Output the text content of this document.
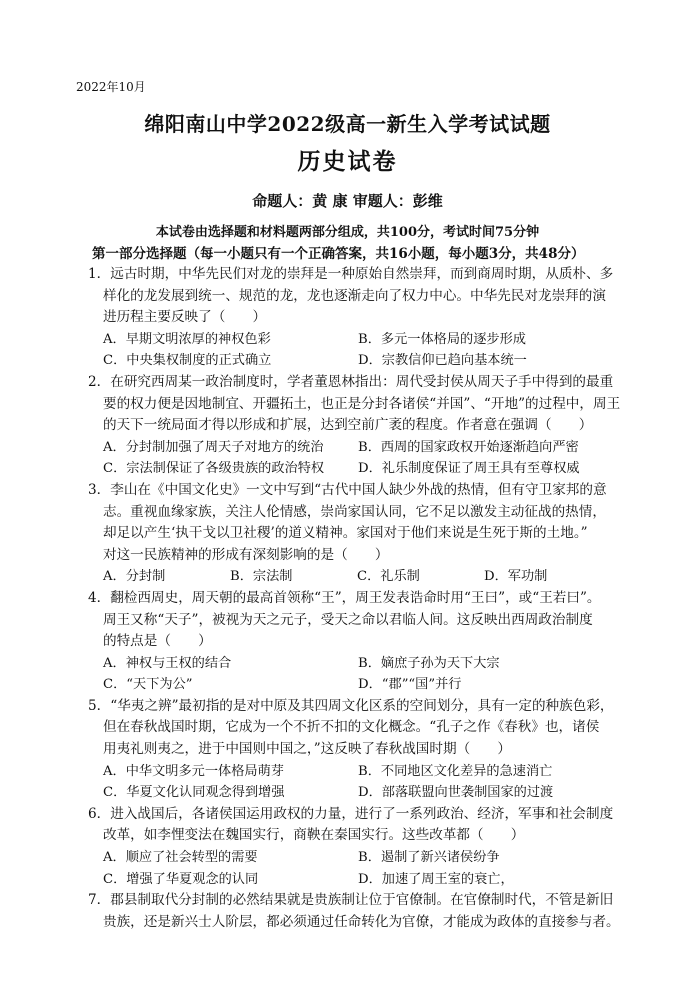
2022年10月
绵阳南山中学2022级高一新生入学考试试题
历史试卷
命题人：黄 康 审题人：彭维
本试卷由选择题和材料题两部分组成，共100分，考试时间75分钟
第一部分选择题（每一小题只有一个正确答案，共16小题，每小题3分，共48分）
1．远古时期，中华先民们对龙的崇拜是一种原始自然崇拜，而到商周时期，从质朴、多
样化的龙发展到统一、规范的龙，龙也逐渐走向了权力中心。中华先民对龙崇拜的演
进历程主要反映了（　　）
A．早期文明浓厚的神权色彩	B．多元一体格局的逐步形成
C．中央集权制度的正式确立	D．宗教信仰已趋向基本统一
2．在研究西周某一政治制度时，学者董恩林指出：周代受封侯从周天子手中得到的最重
要的权力便是因地制宜、开疆拓土，也正是分封各诸侯“并国”、“开地”的过程中，周王
的天下一统局面才得以形成和扩展，达到空前广袤的程度。作者意在强调（　　）
A．分封制加强了周天子对地方的统治	B．西周的国家政权开始逐渐趋向严密
C．宗法制保证了各级贵族的政治特权	D．礼乐制度保证了周王具有至尊权威
3．李山在《中国文化史》一文中写到“古代中国人缺少外战的热情，但有守卫家邦的意
志。重视血缘家族，关注人伦情感，崇尚家国认同，它不足以激发主动征战的热情，
却足以产生‘执干戈以卫社稷’的道义精神。家国对于他们来说是生死于斯的土地。”
对这一民族精神的形成有深刻影响的是（　　）
A．分封制	B．宗法制	C．礼乐制	D．军功制
4．翻检西周史，周天朝的最高首领称“王”，周王发表诰命时用“王曰”，或“王若曰”。
周王又称“天子”，被视为天之元子，受天之命以君临人间。这反映出西周政治制度
的特点是（　　）
A．神权与王权的结合	B．嫡庶子孙为天下大宗
C．“天下为公”	D．“郡”“国”并行
5．“华夷之辨”最初指的是对中原及其四周文化区系的空间划分，具有一定的种族色彩，
但在春秋战国时期，它成为一个不折不扣的文化概念。“孔子之作《春秋》也，诸侯
用夷礼则夷之，进于中国则中国之，”这反映了春秋战国时期（　　）
A．中华文明多元一体格局萌芽	B．不同地区文化差异的急速消亡
C．华夏文化认同观念得到增强	D．部落联盟向世袭制国家的过渡
6．进入战国后，各诸侯国运用政权的力量，进行了一系列政治、经济，军事和社会制度
改革，如李悝变法在魏国实行，商鞅在秦国实行。这些改革都（　　）
A．顺应了社会转型的需要	B．遏制了新兴诸侯纷争
C．增强了华夏观念的认同	D．加速了周王室的衰亡，
7．郡县制取代分封制的必然结果就是贵族制让位于官僚制。在官僚制时代，不管是新旧
贵族，还是新兴士人阶层，都必须通过任命转化为官僚，才能成为政体的直接参与者。
